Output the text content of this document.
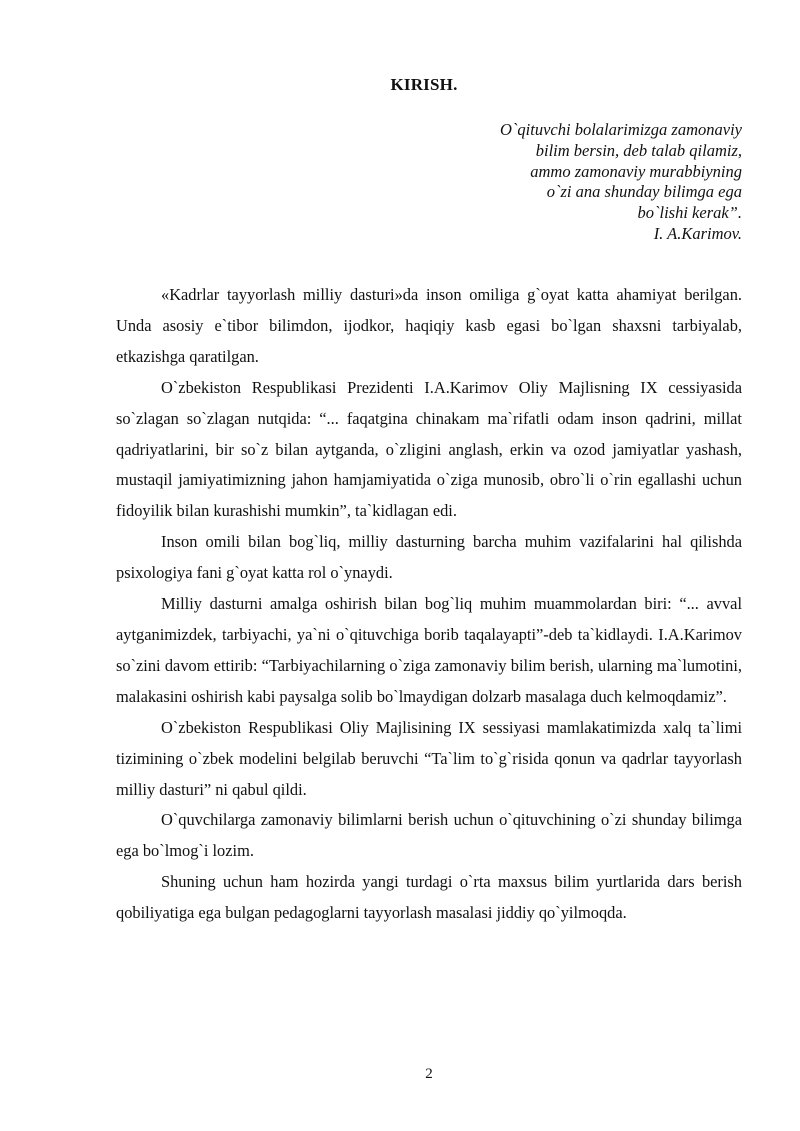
KIRISH.
O`qituvchi bolalarimizga zamonaviy
bilim bersin, deb talab qilamiz,
ammo zamonaviy murabbiyning
o`zi ana shunday bilimga ega
bo`lishi kerak”.
I. A.Karimov.

«Kadrlar tayyorlash milliy dasturi»da inson omiliga g`oyat katta ahamiyat berilgan. Unda asosiy e`tibor bilimdon, ijodkor, haqiqiy kasb egasi bo`lgan shaxsni tarbiyalab, etkazishga qaratilgan.

O`zbekiston Respublikasi Prezidenti I.A.Karimov Oliy Majlisning IX cessiyasida so`zlagan so`zlagan nutqida: “... faqatgina chinakam ma`rifatli odam inson qadrini, millat qadriyatlarini, bir so`z bilan aytganda, o`zligini anglash, erkin va ozod jamiyatlar yashash, mustaqil jamiyatimizning jahon hamjamiyatida o`ziga munosib, obro`li o`rin egallashi uchun fidoyilik bilan kurashishi mumkin”, ta`kidlagan edi.

Inson omili bilan bog`liq, milliy dasturning barcha muhim vazifalarini hal qilishda psixologiya fani g`oyat katta rol o`ynaydi.

Milliy dasturni amalga oshirish bilan bog`liq muhim muammolardan biri: “... avval aytganimizdek, tarbiyachi, ya`ni o`qituvchiga borib taqalayapti”-deb ta`kidlaydi. I.A.Karimov so`zini davom ettirib: “Tarbiyachilarning o`ziga zamonaviy bilim berish, ularning ma`lumotini, malakasini oshirish kabi paysalga solib bo`lmaydigan dolzarb masalaga duch kelmoqdamiz”.

O`zbekiston Respublikasi Oliy Majlisining IX sessiyasi mamlakatimizda xalq ta`limi tizimining o`zbek modelini belgilab beruvchi “Ta`lim to`g`risida qonun va qadrlar tayyorlash milliy dasturi” ni qabul qildi.

O`quvchilarga zamonaviy bilimlarni berish uchun o`qituvchining o`zi shunday bilimga ega bo`lmog`i lozim.

Shuning uchun ham hozirda yangi turdagi o`rta maxsus bilim yurtlarida dars berish qobiliyatiga ega bulgan pedagoglarni tayyorlash masalasi jiddiy qo`yilmoqda.

2
